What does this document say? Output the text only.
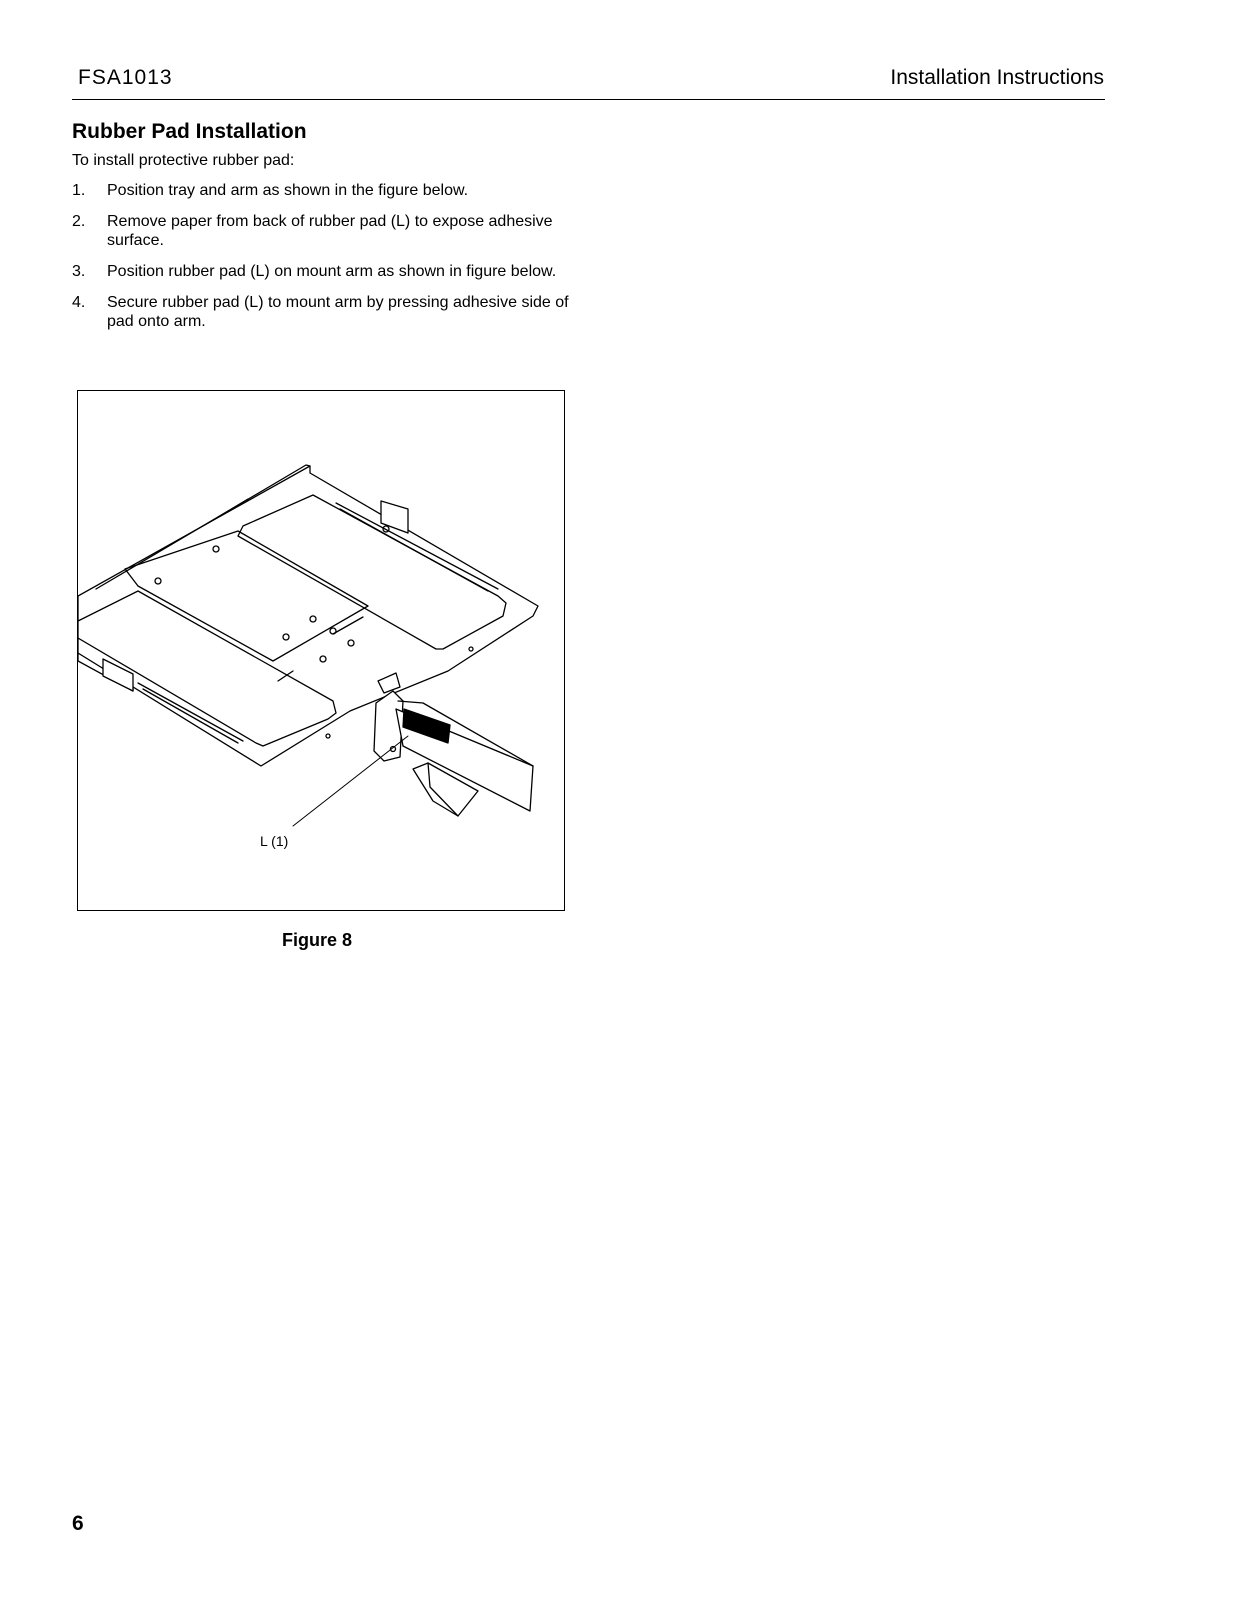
FSA1013	Installation Instructions
Rubber Pad Installation
To install protective rubber pad:
1. Position tray and arm as shown in the figure below.
2. Remove paper from back of rubber pad (L) to expose adhesive surface.
3. Position rubber pad (L) on mount arm as shown in figure below.
4. Secure rubber pad (L) to mount arm by pressing adhesive side of pad onto arm.
L (1)
Figure 8
6
